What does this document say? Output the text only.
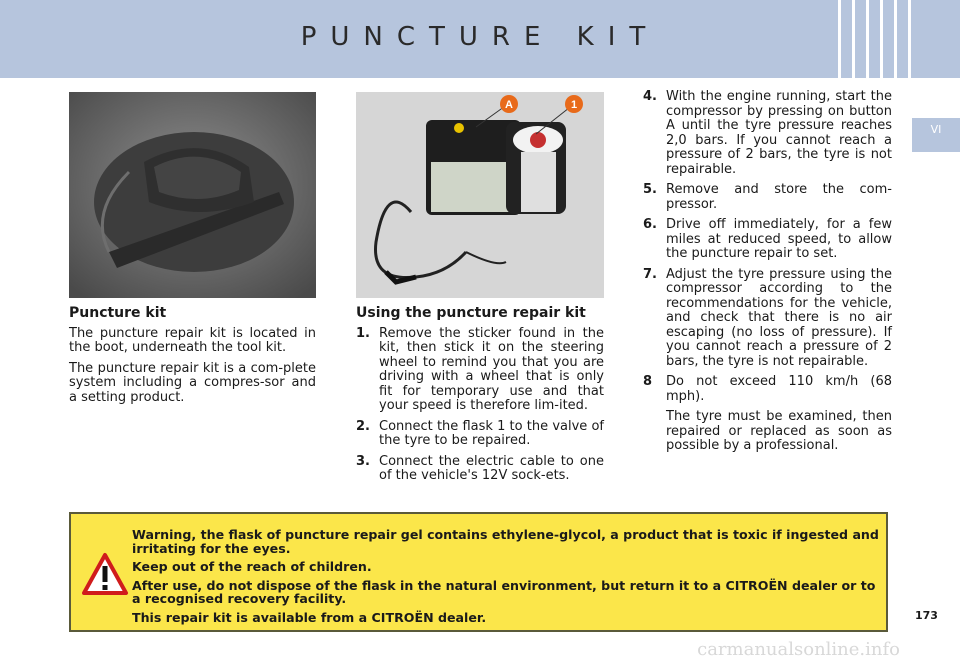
PUNCTURE KIT
VI
A	1
Puncture kit

The puncture repair kit is located in the boot, underneath the tool kit.

The puncture repair kit is a com-plete system including a compres-sor and a setting product.

Using the puncture repair kit
1. Remove the sticker found in the kit, then stick it on the steering wheel to remind you that you are driving with a wheel that is only fit for temporary use and that your speed is therefore lim-ited.
2. Connect the flask 1 to the valve of the tyre to be repaired.
3. Connect the electric cable to one of the vehicle's 12V sock-ets.
4. With the engine running, start the compressor by pressing on button A until the tyre pressure reaches 2,0 bars. If you cannot reach a pressure of 2 bars, the tyre is not repairable.
5. Remove and store the com-pressor.
6. Drive off immediately, for a few miles at reduced speed, to allow the puncture repair to set.
7. Adjust the tyre pressure using the compressor according to the recommendations for the vehicle, and check that there is no air escaping (no loss of pressure). If you cannot reach a pressure of 2 bars, the tyre is not repairable.
8	Do not exceed 110 km/h (68 mph).
The tyre must be examined, then repaired or replaced as soon as possible by a professional.

Warning, the flask of puncture repair gel contains ethylene-glycol, a product that is toxic if ingested and irritating for the eyes.

Keep out of the reach of children.

After use, do not dispose of the flask in the natural environment, but return it to a CITROËN dealer or to a recognised recovery facility.

This repair kit is available from a CITROËN dealer.	173
carmanualsonline.info
